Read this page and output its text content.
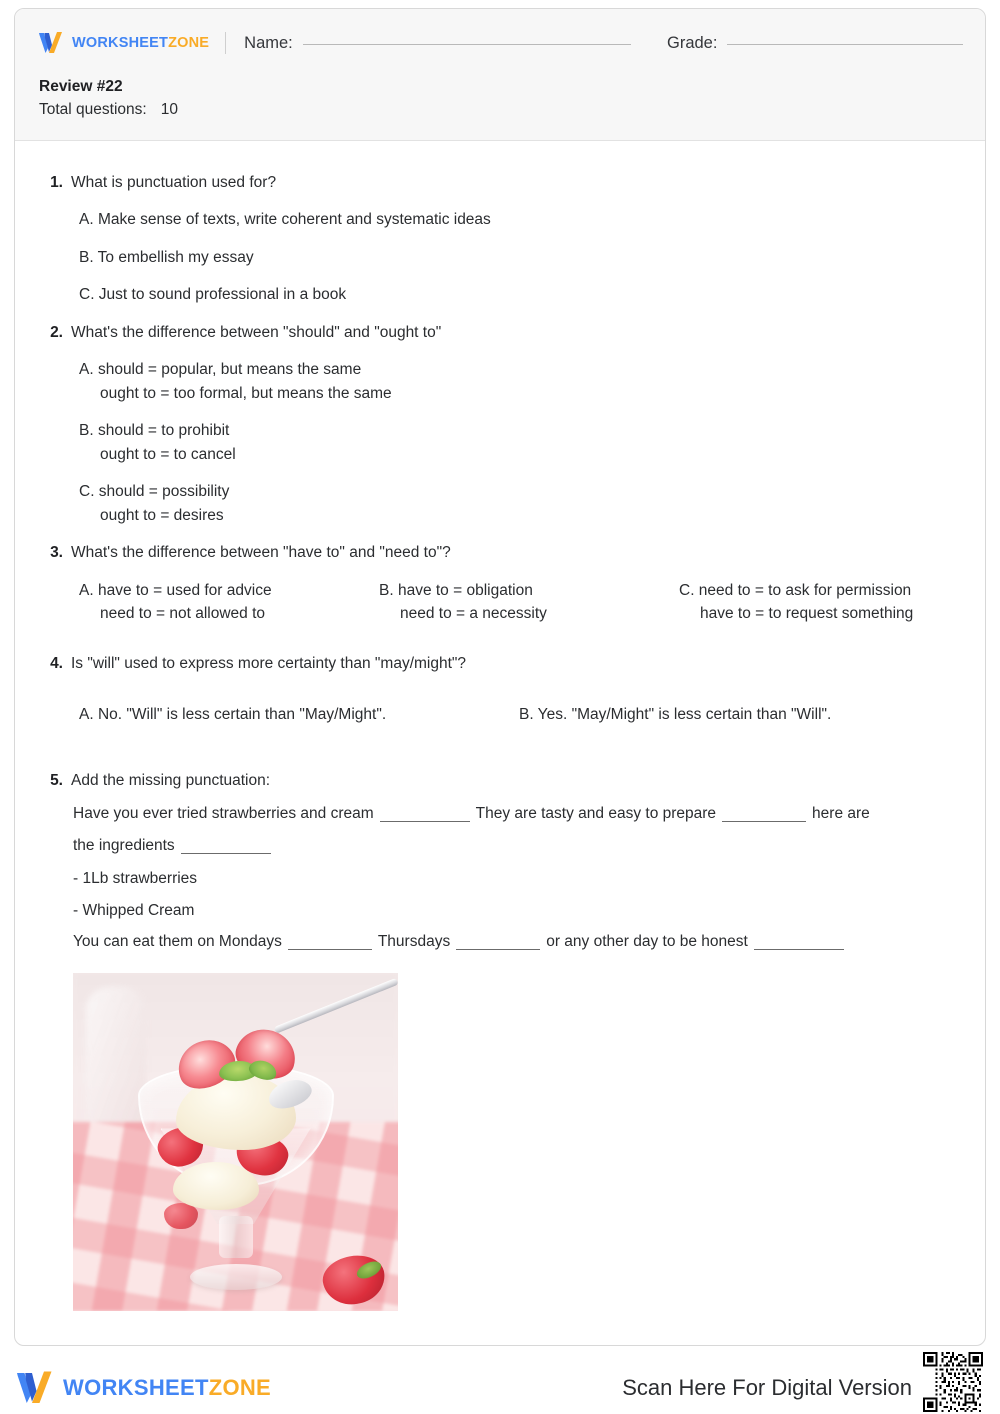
WORKSHEETZONE Name:	Grade:
Review #22
Total questions: 10
1. What is punctuation used for?
A. Make sense of texts, write coherent and systematic ideas
B. To embellish my essay
C. Just to sound professional in a book
2. What's the difference between "should" and "ought to"
A. should = popular, but means the same
ought to = too formal, but means the same
B. should = to prohibit
ought to = to cancel
C. should = possibility
ought to = desires
3. What's the difference between "have to" and "need to"?
A. have to = used for advice
need to = not allowed to
B. have to = obligation
need to = a necessity
C. need to = to ask for permission
have to = to request something
4. Is "will" used to express more certainty than "may/might"?
A. No. "Will" is less certain than "May/Might".	B. Yes. "May/Might" is less certain than "Will".
5. Add the missing punctuation:
Have you ever tried strawberries and cream	They are tasty and easy to prepare	here are
the ingredients
- 1Lb strawberries
- Whipped Cream
You can eat them on Mondays	Thursdays	or any other day to be honest
WORKSHEETZONE	Scan Here For Digital Version
